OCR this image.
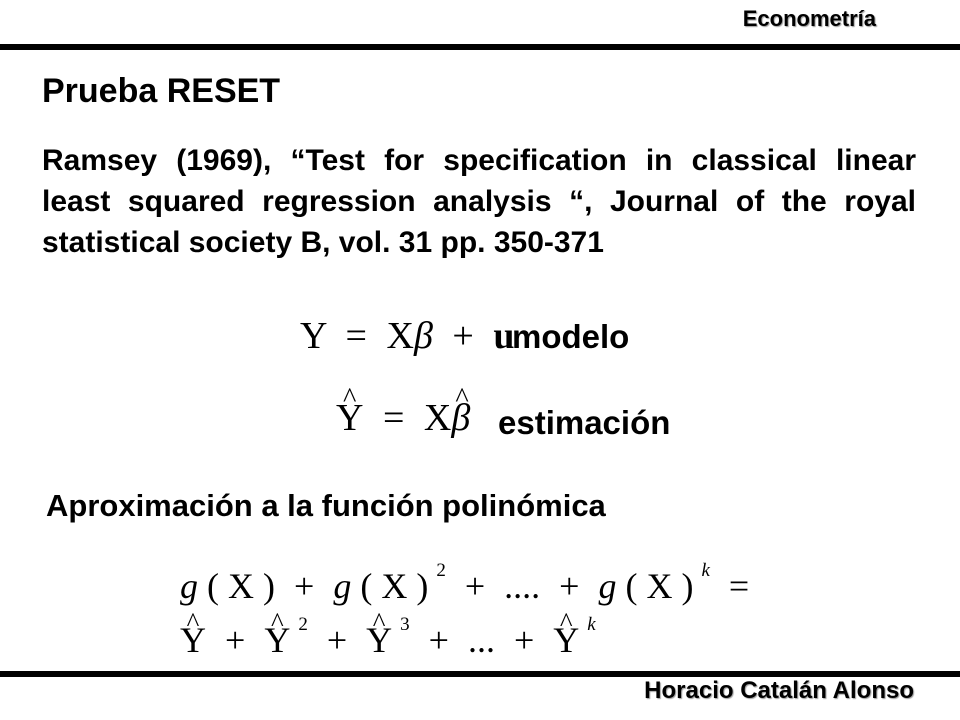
Econometría
Prueba RESET
Ramsey (1969), “Test for specification in classical linear least squared regression analysis “, Journal of the royal statistical society B, vol. 31 pp. 350-371
Y = Xβ + u
modelo
^ Y = X^ β estimación
Aproximación a la función polinómica
g ( X ) + g ( X ) $^2$ + .... + g ( X ) $^k$ =
^ Y + ^ Y $^2$ + ^ Y $^3$ + ... + ^ Y $^k$
Horacio Catalán Alonso
